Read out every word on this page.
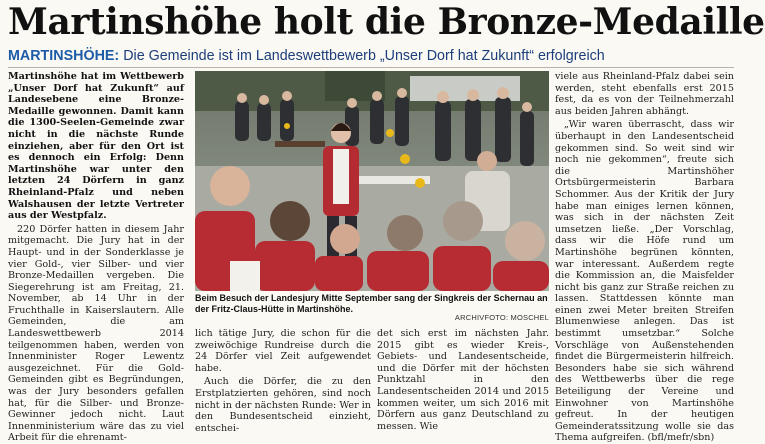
Martinshöhe holt die Bronze-Medaille
MARTINSHÖHE: Die Gemeinde ist im Landeswettbewerb „Unser Dorf hat Zukunft“ erfolgreich

Martinshöhe hat im Wettbewerb „Unser Dorf hat Zukunft“ auf Landesebene eine Bronze-Medaille gewonnen. Damit kann die 1300-Seelen-Gemeinde zwar nicht in die nächste Runde einziehen, aber für den Ort ist es dennoch ein Erfolg: Denn Martinshöhe war unter den letzten 24 Dörfern in ganz Rheinland-Pfalz und neben Walshausen der letzte Vertreter aus der Westpfalz.

220 Dörfer hatten in diesem Jahr mitgemacht. Die Jury hat in der Haupt- und in der Sonderklasse je vier Gold-, vier Silber- und vier Bronze-Medaillen vergeben. Die Siegerehrung ist am Freitag, 21. November, ab 14 Uhr in der Fruchthalle in Kaiserslautern. Alle Gemeinden, die am Landeswettbewerb 2014 teilgenommen haben, werden von Innenminister Roger Lewentz ausgezeichnet. Für die Gold-Gemeinden gibt es Begründungen, was der Jury besonders gefallen hat, für die Silber- und Bronze-Gewinner jedoch nicht. Laut Innenministerium wäre das zu viel Arbeit für die ehrenamt-

Beim Besuch der Landesjury Mitte September sang der Singkreis der Schernau an der Fritz-Claus-Hütte in Martinshöhe.
ARCHIVFOTO: MOSCHEL

lich tätige Jury, die schon für die zweiwöchige Rundreise durch die 24 Dörfer viel Zeit aufgewendet habe.

Auch die Dörfer, die zu den Erstplatzierten gehören, sind noch nicht in der nächsten Runde: Wer in den Bundesentscheid einzieht, entschei-

det sich erst im nächsten Jahr. 2015 gibt es wieder Kreis-, Gebiets- und Landesentscheide, und die Dörfer mit der höchsten Punktzahl in den Landesentscheiden 2014 und 2015 kommen weiter, um sich 2016 mit Dörfern aus ganz Deutschland zu messen. Wie

viele aus Rheinland-Pfalz dabei sein werden, steht ebenfalls erst 2015 fest, da es von der Teilnehmerzahl aus beiden Jahren abhängt.

„Wir waren überrascht, dass wir überhaupt in den Landesentscheid gekommen sind. So weit sind wir noch nie gekommen“, freute sich die Martinshöher Ortsbürgermeisterin Barbara Schommer. Aus der Kritik der Jury habe man einiges lernen können, was sich in der nächsten Zeit umsetzen ließe. „Der Vorschlag, dass wir die Höfe rund um Martinshöhe begrünen könnten, war interessant. Außerdem regte die Kommission an, die Maisfelder nicht bis ganz zur Straße reichen zu lassen. Stattdessen könnte man einen zwei Meter breiten Streifen Blumenwiese anlegen. Das ist bestimmt umsetzbar.“ Solche Vorschläge von Außenstehenden findet die Bürgermeisterin hilfreich. Besonders habe sie sich während des Wettbewerbs über die rege Beteiligung der Vereine und Einwohner von Martinshöhe gefreut. In der heutigen Gemeinderatssitzung wolle sie das Thema aufgreifen. (bfl/mefr/sbn)
